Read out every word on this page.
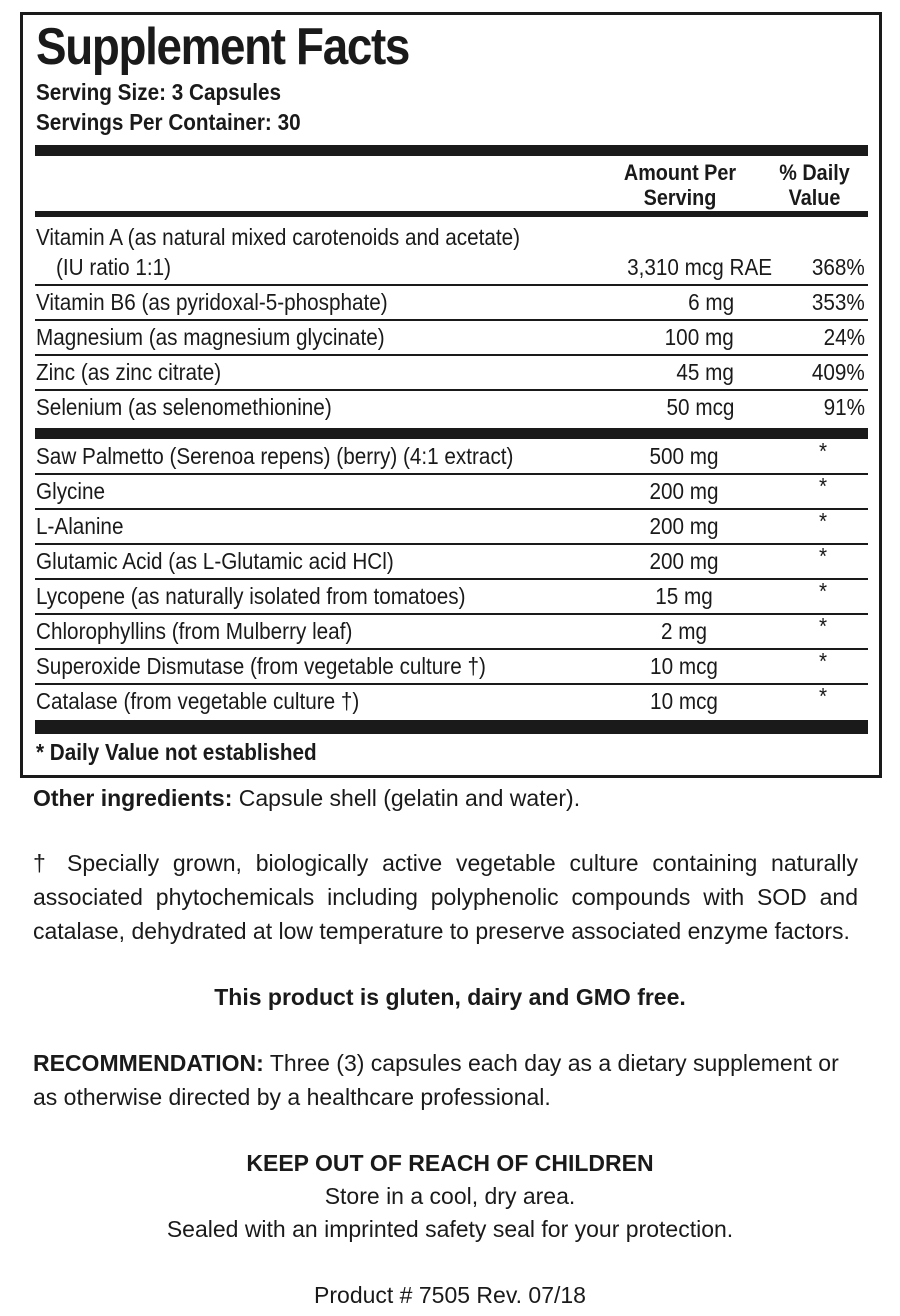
Supplement Facts
Serving Size: 3 Capsules
Servings Per Container: 30
Amount Per
Serving
% Daily
Value
Vitamin A (as natural mixed carotenoids and acetate)
(IU ratio 1:1)	3,310 mcg RAE 368%
Vitamin B6 (as pyridoxal-5-phosphate)	6 mg	353%
Magnesium (as magnesium glycinate)	100 mg	24%
Zinc (as zinc citrate)	45 mg	409%
Selenium (as selenomethionine)	50 mcg	91%
Saw Palmetto (Serenoa repens) (berry) (4:1 extract)	500 mg	*
Glycine	200 mg	*
L-Alanine	200 mg	*
Glutamic Acid (as L-Glutamic acid HCl)	200 mg	*
Lycopene (as naturally isolated from tomatoes)	15 mg	*
Chlorophyllins (from Mulberry leaf)	2 mg	*
Superoxide Dismutase (from vegetable culture †)	10 mcg	*
Catalase (from vegetable culture †)	10 mcg	*
* Daily Value not established
Other ingredients: Capsule shell (gelatin and water).
† Specially grown, biologically active vegetable culture containing naturally associated phytochemicals including polyphenolic compounds with SOD and catalase, dehydrated at low temperature to preserve associated enzyme factors.
This product is gluten, dairy and GMO free.
RECOMMENDATION: Three (3) capsules each day as a dietary supplement or as otherwise directed by a healthcare professional.
KEEP OUT OF REACH OF CHILDREN
Store in a cool, dry area.
Sealed with an imprinted safety seal for your protection.
Product # 7505 Rev. 07/18
